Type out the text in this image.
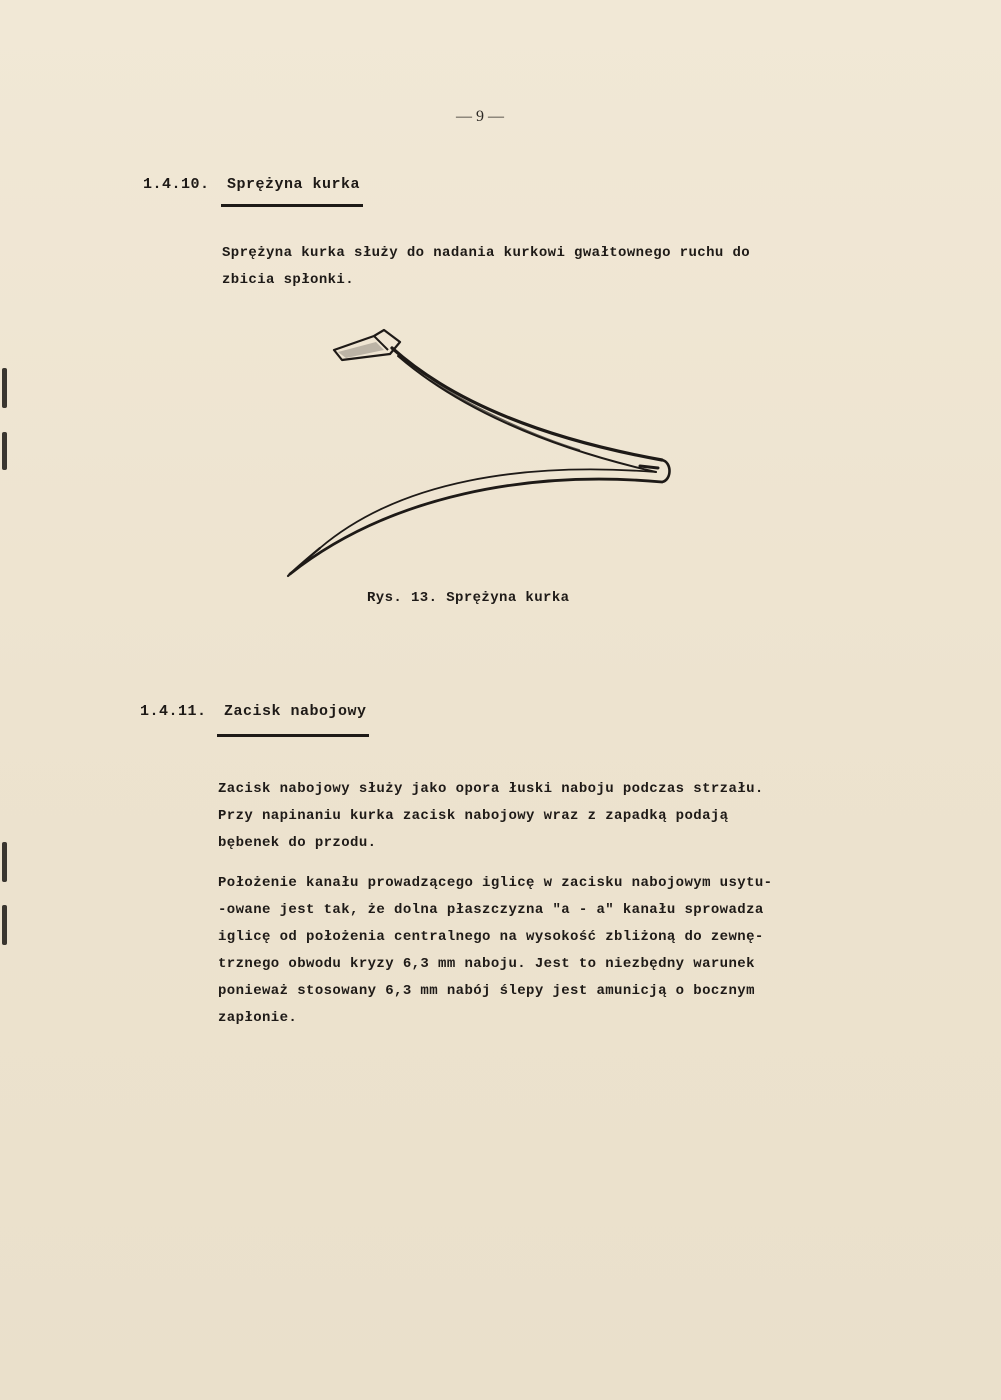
— 9 —
1.4.10. Sprężyna kurka

Sprężyna kurka służy do nadania kurkowi gwałtownego ruchu do
zbicia spłonki.

Rys. 13. Sprężyna kurka
1.4.11. Zacisk nabojowy

Zacisk nabojowy służy jako opora łuski naboju podczas strzału.
Przy napinaniu kurka zacisk nabojowy wraz z zapadką podają
bębenek do przodu.

Położenie kanału prowadzącego iglicę w zacisku nabojowym usytu-
-owane jest tak, że dolna płaszczyzna "a - a" kanału sprowadza
iglicę od położenia centralnego na wysokość zbliżoną do zewnę-
trznego obwodu kryzy 6,3 mm naboju. Jest to niezbędny warunek
ponieważ stosowany 6,3 mm nabój ślepy jest amunicją o bocznym
zapłonie.
